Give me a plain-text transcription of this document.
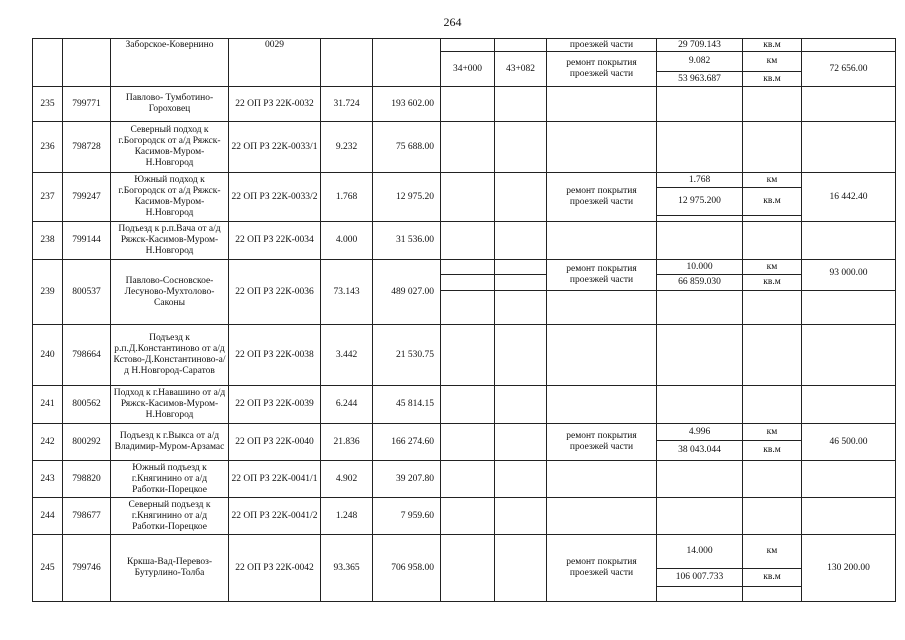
264
		Заборское-Ковернино	0029					проезжей части	29 709.143	кв.м	
						34+000	43+082	ремонт покрытия проезжей части	9.082	км	72 656.00
									53 963.687	кв.м	
235	799771	Павлово- Тумботино-Гороховец	22 ОП РЗ 22К-0032	31.724	193 602.00						
236	798728	Северный подход к г.Богородск от а/д Ряжск-Касимов-Муром-Н.Новгород	22 ОП РЗ 22К-0033/1	9.232	75 688.00						
237	799247	Южный подход к г.Богородск от а/д Ряжск-Касимов-Муром-Н.Новгород	22 ОП РЗ 22К-0033/2	1.768	12 975.20			ремонт покрытия проезжей части	1.768	км	16 442.40
									12 975.200	кв.м	

238	799144	Подъезд к р.п.Вача от а/д Ряжск-Касимов-Муром-Н.Новгород	22 ОП РЗ 22К-0034	4.000	31 536.00						
239	800537	Павлово-Сосновское-Лесуново-Мухтолово-Саконы	22 ОП РЗ 22К-0036	73.143	489 027.00			ремонт покрытия проезжей части	10.000	км	93 000.00
									66 859.030	кв.м	

240	798664	Подъезд к р.п.Д.Константиново от а/д Кстово-Д.Константиново-а/д Н.Новгород-Саратов	22 ОП РЗ 22К-0038	3.442	21 530.75						
241	800562	Подход к г.Навашино от а/д Ряжск-Касимов-Муром-Н.Новгород	22 ОП РЗ 22К-0039	6.244	45 814.15						
242	800292	Подъезд к г.Выкса от а/д Владимир-Муром-Арзамас	22 ОП РЗ 22К-0040	21.836	166 274.60			ремонт покрытия проезжей части	4.996	км	46 500.00
									38 043.044	кв.м	
243	798820	Южный подъезд к г.Княгинино от а/д Работки-Порецкое	22 ОП РЗ 22К-0041/1	4.902	39 207.80						
244	798677	Северный подъезд к г.Княгинино от а/д Работки-Порецкое	22 ОП РЗ 22К-0041/2	1.248	7 959.60						
245	799746	Кркша-Вад-Перевоз-Бутурлино-Толба	22 ОП РЗ 22К-0042	93.365	706 958.00			ремонт покрытия проезжей части	14.000	км	130 200.00
									106 007.733	кв.м	
